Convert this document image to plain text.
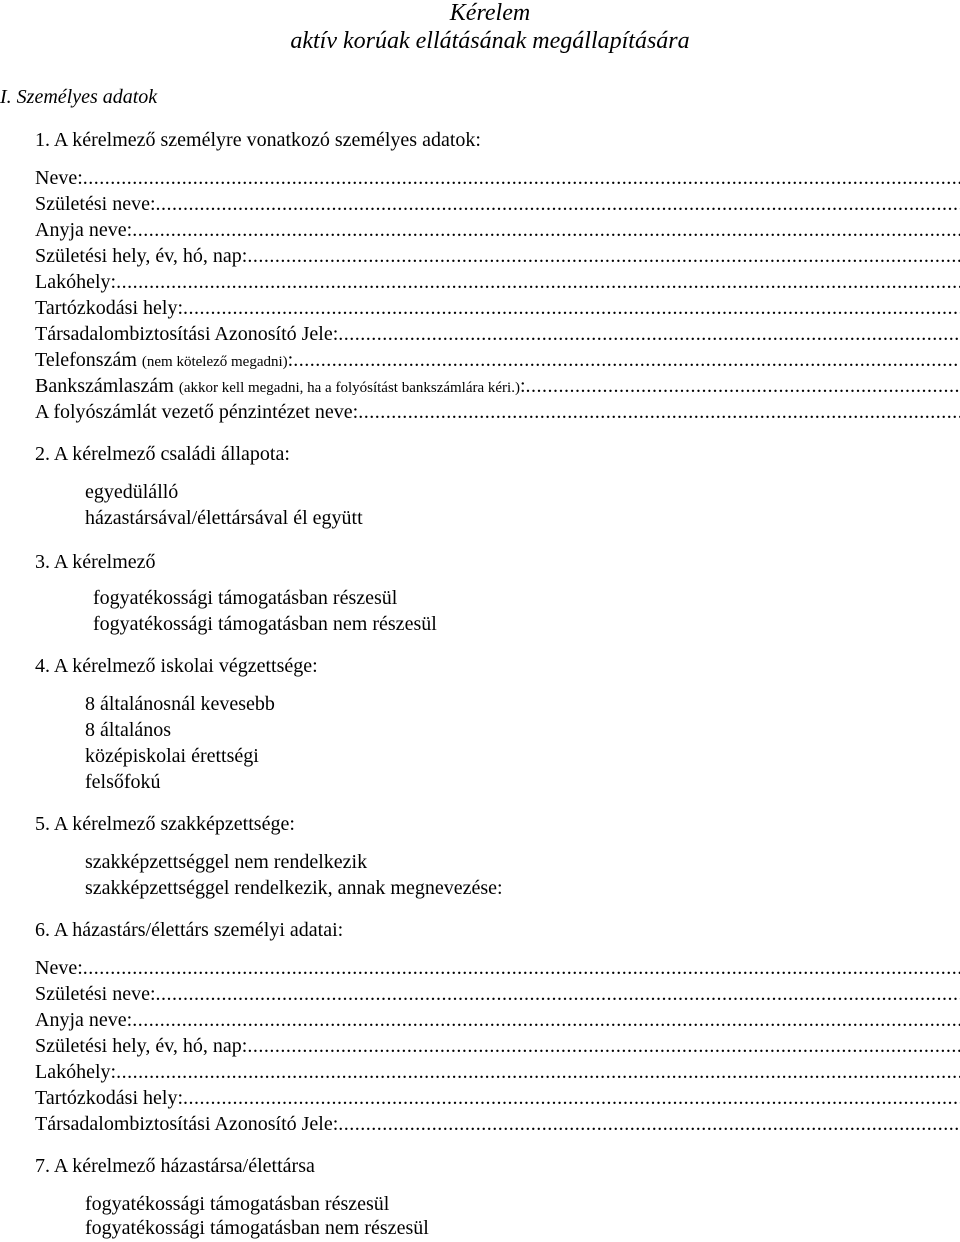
Kérelem
aktív korúak ellátásának megállapítására
I. Személyes adatok
1. A kérelmező személyre vonatkozó személyes adatok:
Neve:
.....
Születési neve:
.....
Anyja neve:
.....
Születési hely, év, hó, nap:
.....
Lakóhely:
.....
Tartózkodási hely:
.....
Társadalombiztosítási Azonosító Jele:
.....
Telefonszám (nem kötelező megadni):
.....
Bankszámlaszám (akkor kell megadni, ha a folyósítást bankszámlára kéri.):
.....
A folyószámlát vezető pénzintézet neve:
.....
2. A kérelmező családi állapota:
egyedülálló
házastársával/élettársával él együtt
3. A kérelmező
fogyatékossági támogatásban részesül
fogyatékossági támogatásban nem részesül
4. A kérelmező iskolai végzettsége:
8 általánosnál kevesebb
8 általános
középiskolai érettségi
felsőfokú
5. A kérelmező szakképzettsége:
szakképzettséggel nem rendelkezik
szakképzettséggel rendelkezik, annak megnevezése:
6. A házastárs/élettárs személyi adatai:
Neve:
.....
Születési neve:
.....
Anyja neve:
.....
Születési hely, év, hó, nap:
.....
Lakóhely:
.....
Tartózkodási hely:
.....
Társadalombiztosítási Azonosító Jele:
.....
7. A kérelmező házastársa/élettársa
fogyatékossági támogatásban részesül
fogyatékossági támogatásban nem részesül
